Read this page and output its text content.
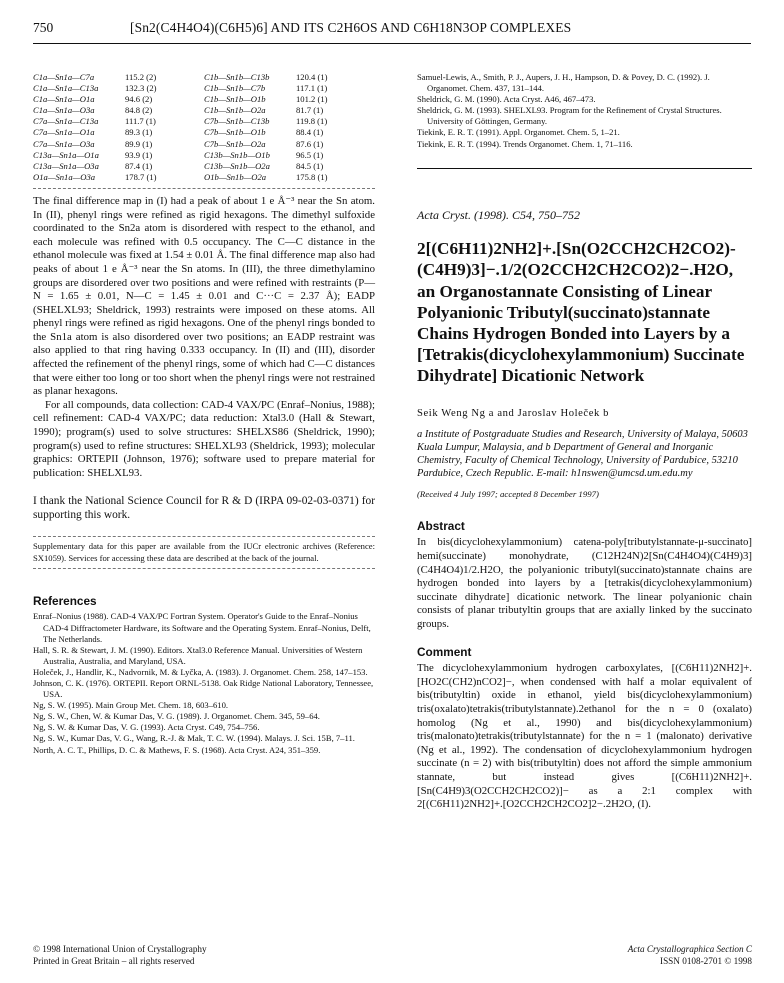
750	[Sn2(C4H4O4)(C6H5)6] AND ITS C2H6OS AND C6H18N3OP COMPLEXES
C1a—Sn1a—C7a	115.2 (2)
C1a—Sn1a—C13a	132.3 (2)
C1a—Sn1a—O1a	94.6 (2)
C1a—Sn1a—O3a	84.8 (2)
C7a—Sn1a—C13a	111.7 (1)
C7a—Sn1a—O1a	89.3 (1)
C7a—Sn1a—O3a	89.9 (1)
C13a—Sn1a—O1a	93.9 (1)
C13a—Sn1a—O3a	87.4 (1)
O1a—Sn1a—O3a	178.7 (1)
C1b—Sn1b—C13b	120.4 (1)
C1b—Sn1b—C7b	117.1 (1)
C1b—Sn1b—O1b	101.2 (1)
C1b—Sn1b—O2a	81.7 (1)
C7b—Sn1b—C13b	119.8 (1)
C7b—Sn1b—O1b	88.4 (1)
C7b—Sn1b—O2a	87.6 (1)
C13b—Sn1b—O1b	96.5 (1)
C13b—Sn1b—O2a	84.5 (1)
O1b—Sn1b—O2a	175.8 (1)

The final difference map in (I) had a peak of about 1 e Å⁻³ near the Sn atom. In (II), phenyl rings were refined as rigid hexagons. The dimethyl sulfoxide coordinated to the Sn2a atom is disordered with respect to the ethanol, and each molecule was refined with 0.5 occupancy. The C—C distance in the ethanol molecule was fixed at 1.54 ± 0.01 Å. The final difference map also had peaks of about 1 e Å⁻³ near the Sn atoms. In (III), the three dimethylamino groups are disordered over two positions and were refined with restraints (P—N = 1.65 ± 0.01, N—C = 1.45 ± 0.01 and C···C = 2.37 Å); EADP (SHELXL93; Sheldrick, 1993) restraints were imposed on these atoms. All phenyl rings were refined as rigid hexagons. One of the phenyl rings bonded to the Sn1a atom is also disordered over two positions; an EADP restraint was also applied to that ring having 0.333 occupancy. In (II) and (III), disorder affected the refinement of the phenyl rings, some of which had C—C distances that were either too long or too short when the phenyl rings were not restrained as planar hexagons.

For all compounds, data collection: CAD-4 VAX/PC (Enraf–Nonius, 1988); cell refinement: CAD-4 VAX/PC; data reduction: Xtal3.0 (Hall & Stewart, 1990); program(s) used to solve structures: SHELXS86 (Sheldrick, 1990); program(s) used to refine structures: SHELXL93 (Sheldrick, 1993); molecular graphics: ORTEPII (Johnson, 1976); software used to prepare material for publication: SHELXL93.

I thank the National Science Council for R & D (IRPA 09-02-03-0371) for supporting this work.

Supplementary data for this paper are available from the IUCr electronic archives (Reference: SX1059). Services for accessing these data are described at the back of the journal.

References
Enraf–Nonius (1988). CAD-4 VAX/PC Fortran System. Operator's Guide to the Enraf–Nonius CAD-4 Diffractometer Hardware, its Software and the Operating System. Enraf–Nonius, Delft, The Netherlands.
Hall, S. R. & Stewart, J. M. (1990). Editors. Xtal3.0 Reference Manual. Universities of Western Australia, Australia, and Maryland, USA.
Holeček, J., Handlir, K., Nadvornik, M. & Lyčka, A. (1983). J. Organomet. Chem. 258, 147–153.
Johnson, C. K. (1976). ORTEPII. Report ORNL-5138. Oak Ridge National Laboratory, Tennessee, USA.
Ng, S. W. (1995). Main Group Met. Chem. 18, 603–610.
Ng, S. W., Chen, W. & Kumar Das, V. G. (1989). J. Organomet. Chem. 345, 59–64.
Ng, S. W. & Kumar Das, V. G. (1993). Acta Cryst. C49, 754–756.
Ng, S. W., Kumar Das, V. G., Wang, R.-J. & Mak, T. C. W. (1994). Malays. J. Sci. 15B, 7–11.
North, A. C. T., Phillips, D. C. & Mathews, F. S. (1968). Acta Cryst. A24, 351–359.
© 1998 International Union of Crystallography
Printed in Great Britain – all rights reserved
Samuel-Lewis, A., Smith, P. J., Aupers, J. H., Hampson, D. & Povey, D. C. (1992). J. Organomet. Chem. 437, 131–144.
Sheldrick, G. M. (1990). Acta Cryst. A46, 467–473.
Sheldrick, G. M. (1993). SHELXL93. Program for the Refinement of Crystal Structures. University of Göttingen, Germany.
Tiekink, E. R. T. (1991). Appl. Organomet. Chem. 5, 1–21.
Tiekink, E. R. T. (1994). Trends Organomet. Chem. 1, 71–116.
Acta Cryst. (1998). C54, 750–752
2[(C6H11)2NH2]+.[Sn(O2CCH2CH2CO2)-(C4H9)3]−.1/2(O2CCH2CH2CO2)2−.H2O, an Organostannate Consisting of Linear Polyanionic Tributyl(succinato)stannate Chains Hydrogen Bonded into Layers by a [Tetrakis(dicyclohexylammonium) Succinate Dihydrate] Dicationic Network
Seik Weng Ng a and Jaroslav Holeček b
a Institute of Postgraduate Studies and Research, University of Malaya, 50603 Kuala Lumpur, Malaysia, and b Department of General and Inorganic Chemistry, Faculty of Chemical Technology, University of Pardubice, 53210 Pardubice, Czech Republic. E-mail: h1nswen@umcsd.um.edu.my
(Received 4 July 1997; accepted 8 December 1997)
Abstract

In bis(dicyclohexylammonium) catena-poly[tributylstannate-μ-succinato] hemi(succinate) monohydrate, (C12H24N)2[Sn(C4H4O4)(C4H9)3](C4H4O4)1/2.H2O, the polyanionic tributyl(succinato)stannate chains are hydrogen bonded into layers by a [tetrakis(dicyclohexylammonium) succinate dihydrate] dicationic network. The linear polyanionic chain consists of planar tributyltin groups that are axially linked by the succinato groups.

Comment

The dicyclohexylammonium hydrogen carboxylates, [(C6H11)2NH2]+.[HO2C(CH2)nCO2]−, when condensed with half a molar equivalent of bis(tributyltin) oxide in ethanol, yield bis(dicyclohexylammonium) tris(oxalato)tetrakis(tributylstannate).2ethanol for the n = 0 (oxalato) homolog (Ng et al., 1990) and bis(dicyclohexylammonium) tris(malonato)tetrakis(tributylstannate) for the n = 1 (malonato) derivative (Ng et al., 1992). The condensation of dicyclohexylammonium hydrogen succinate (n = 2) with bis(tributyltin) does not afford the simple ammonium stannate, but instead gives [(C6H11)2NH2]+.[Sn(C4H9)3(O2CCH2CH2CO2)]− as a 2:1 complex with 2[(C6H11)2NH2]+.[O2CCH2CH2CO2]2−.2H2O, (I).

Acta Crystallographica Section C
ISSN 0108-2701 © 1998
